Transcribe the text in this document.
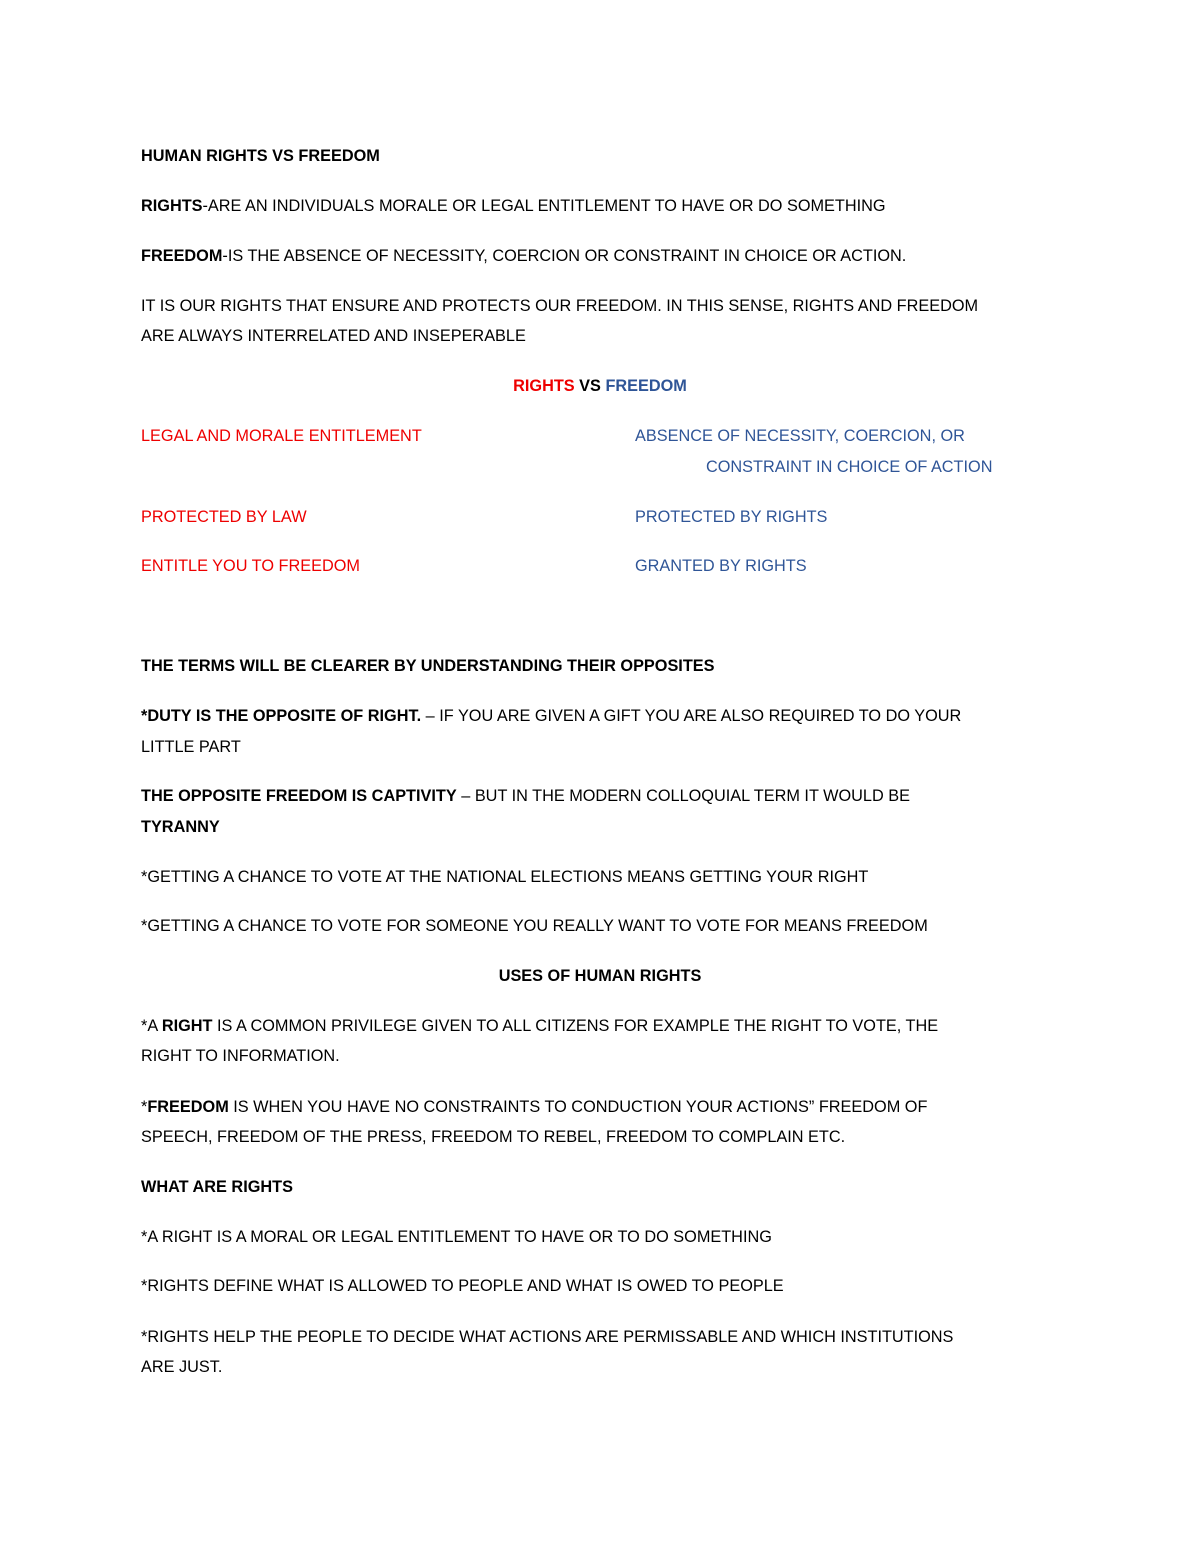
HUMAN RIGHTS VS FREEDOM
RIGHTS-ARE AN INDIVIDUALS MORALE OR LEGAL ENTITLEMENT TO HAVE OR DO SOMETHING
FREEDOM-IS THE ABSENCE OF NECESSITY, COERCION OR CONSTRAINT IN CHOICE OR ACTION.
IT IS OUR RIGHTS THAT ENSURE AND PROTECTS OUR FREEDOM. IN THIS SENSE, RIGHTS AND FREEDOM
ARE ALWAYS INTERRELATED AND INSEPERABLE
RIGHTS VS FREEDOM
LEGAL AND MORALE ENTITLEMENT	ABSENCE OF NECESSITY, COERCION, OR
CONSTRAINT IN CHOICE OF ACTION
PROTECTED BY LAW	PROTECTED BY RIGHTS
ENTITLE YOU TO FREEDOM	GRANTED BY RIGHTS
THE TERMS WILL BE CLEARER BY UNDERSTANDING THEIR OPPOSITES
*DUTY IS THE OPPOSITE OF RIGHT. – IF YOU ARE GIVEN A GIFT YOU ARE ALSO REQUIRED TO DO YOUR
LITTLE PART
THE OPPOSITE FREEDOM IS CAPTIVITY – BUT IN THE MODERN COLLOQUIAL TERM IT WOULD BE
TYRANNY
*GETTING A CHANCE TO VOTE AT THE NATIONAL ELECTIONS MEANS GETTING YOUR RIGHT
*GETTING A CHANCE TO VOTE FOR SOMEONE YOU REALLY WANT TO VOTE FOR MEANS FREEDOM
USES OF HUMAN RIGHTS
*A RIGHT IS A COMMON PRIVILEGE GIVEN TO ALL CITIZENS FOR EXAMPLE THE RIGHT TO VOTE, THE
RIGHT TO INFORMATION.
*FREEDOM IS WHEN YOU HAVE NO CONSTRAINTS TO CONDUCTION YOUR ACTIONS” FREEDOM OF
SPEECH, FREEDOM OF THE PRESS, FREEDOM TO REBEL, FREEDOM TO COMPLAIN ETC.
WHAT ARE RIGHTS
*A RIGHT IS A MORAL OR LEGAL ENTITLEMENT TO HAVE OR TO DO SOMETHING
*RIGHTS DEFINE WHAT IS ALLOWED TO PEOPLE AND WHAT IS OWED TO PEOPLE
*RIGHTS HELP THE PEOPLE TO DECIDE WHAT ACTIONS ARE PERMISSABLE AND WHICH INSTITUTIONS
ARE JUST.
